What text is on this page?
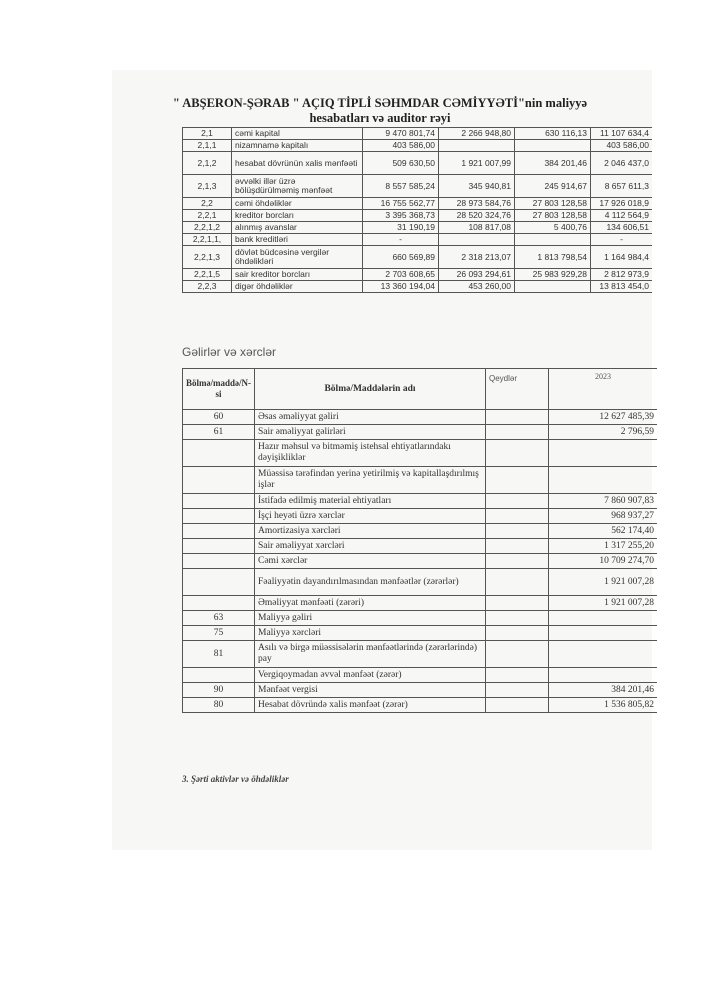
" ABŞERON-ŞƏRAB " AÇIQ TİPLİ SƏHMDAR CƏMİYYƏTİ"nin maliyyə
hesabatları və auditor rəyi
2,1	cəmi kapital	9 470 801,74	2 266 948,80	630 116,13	11 107 634,4
2,1,1	nizamnamə kapitalı	403 586,00			403 586,00
2,1,2	hesabat dövrünün xalis mənfəəti	509 630,50	1 921 007,99	384 201,46	2 046 437,0
2,1,3	əvvəlki illər üzrə bölüşdürülməmiş mənfəət	8 557 585,24	345 940,81	245 914,67	8 657 611,3
2,2	cəmi öhdəliklər	16 755 562,77	28 973 584,76	27 803 128,58	17 926 018,9
2,2,1	kreditor borcları	3 395 368,73	28 520 324,76	27 803 128,58	4 112 564,9
2,2,1,2	alınmış avanslar	31 190,19	108 817,08	5 400,76	134 606,51
2,2,1,1,	bank kreditləri	-			-
2,2,1,3	dövlət büdcəsinə vergilər öhdəlikləri	660 569,89	2 318 213,07	1 813 798,54	1 164 984,4
2,2,1,5	sair kreditor borcları	2 703 608,65	26 093 294,61	25 983 929,28	2 812 973,9
2,2,3	digər öhdəliklər	13 360 194,04	453 260,00		13 813 454,0
Gəlirlər və xərclər
Bölmə/maddə/N-si	Bölmə/Maddələrin adı	Qeydlər	2023
60	Əsas əməliyyat gəliri		12 627 485,39
61	Sair əməliyyat gəlirləri		2 796,59
	Hazır məhsul və bitməmiş istehsal ehtiyatlarındakı dəyişikliklər		
	Müəssisə tərəfindən yerinə yetirilmiş və kapitallaşdırılmış işlər		
	İstifadə edilmiş material ehtiyatları		7 860 907,83
	İşçi heyəti üzrə xərclər		968 937,27
	Amortizasiya xərcləri		562 174,40
	Sair əməliyyat xərcləri		1 317 255,20
	Cəmi xərclər		10 709 274,70
	Fəaliyyətin dayandırılmasından mənfəətlər (zərərlər)		1 921 007,28
	Əməliyyat mənfəəti (zərəri)		1 921 007,28
63	Maliyyə gəliri		
75	Maliyyə xərcləri		
81	Asılı və birgə müəssisələrin mənfəətlərində (zərərlərində) pay		
	Vergiqoymadan əvvəl mənfəət (zərər)		
90	Mənfəət vergisi		384 201,46
80	Hesabat dövründə xalis mənfəət (zərər)		1 536 805,82
3. Şərti aktivlər və öhdəliklər
